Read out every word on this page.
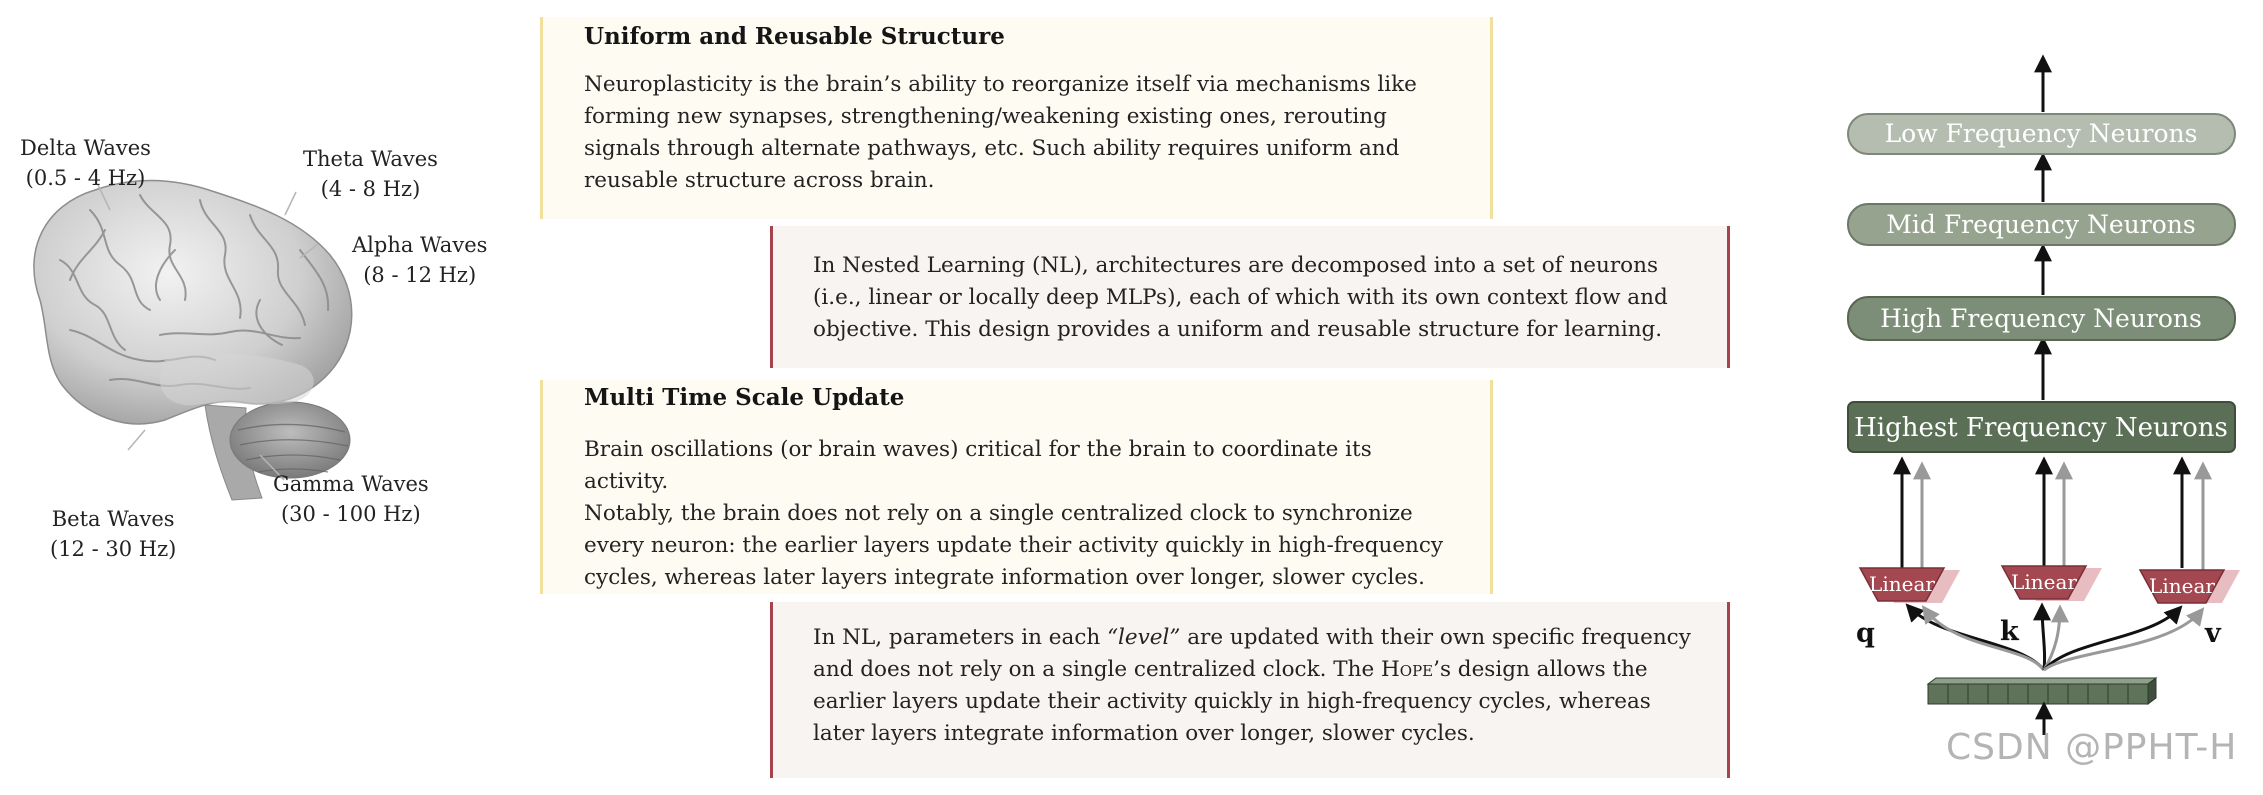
Delta Waves
(0.5 - 4 Hz)
Theta Waves
(4 - 8 Hz)
Alpha Waves
(8 - 12 Hz)
Gamma Waves
(30 - 100 Hz)
Beta Waves
(12 - 30 Hz)
Uniform and Reusable Structure
Neuroplasticity is the brain’s ability to reorganize itself via mechanisms like
forming new synapses, strengthening/weakening existing ones, rerouting
signals through alternate pathways, etc. Such ability requires uniform and
reusable structure across brain.
In Nested Learning (NL), architectures are decomposed into a set of neurons
(i.e., linear or locally deep MLPs), each of which with its own context flow and
objective. This design provides a uniform and reusable structure for learning.
Multi Time Scale Update
Brain oscillations (or brain waves) critical for the brain to coordinate its activity.
Notably, the brain does not rely on a single centralized clock to synchronize
every neuron: the earlier layers update their activity quickly in high-frequency
cycles, whereas later layers integrate information over longer, slower cycles.
In NL, parameters in each “level” are updated with their own specific frequency
and does not rely on a single centralized clock. The Hope’s design allows the
earlier layers update their activity quickly in high-frequency cycles, whereas
later layers integrate information over longer, slower cycles.
Low Frequency Neurons
Mid Frequency Neurons
High Frequency Neurons
Highest Frequency Neurons
Linear	Linear	Linear
q	k	v
CSDN @PPHT-H
